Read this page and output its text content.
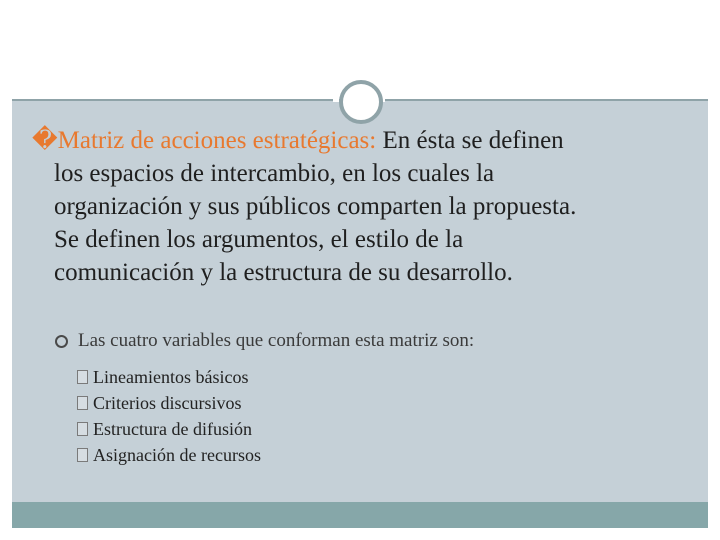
�Matriz de acciones estratégicas: En ésta se definen
los espacios de intercambio, en los cuales la
organización y sus públicos comparten la propuesta.
Se definen los argumentos, el estilo de la
comunicación y la estructura de su desarrollo.

Las cuatro variables que conforman esta matriz son:
Lineamientos básicos
Criterios discursivos
Estructura de difusión
Asignación de recursos
